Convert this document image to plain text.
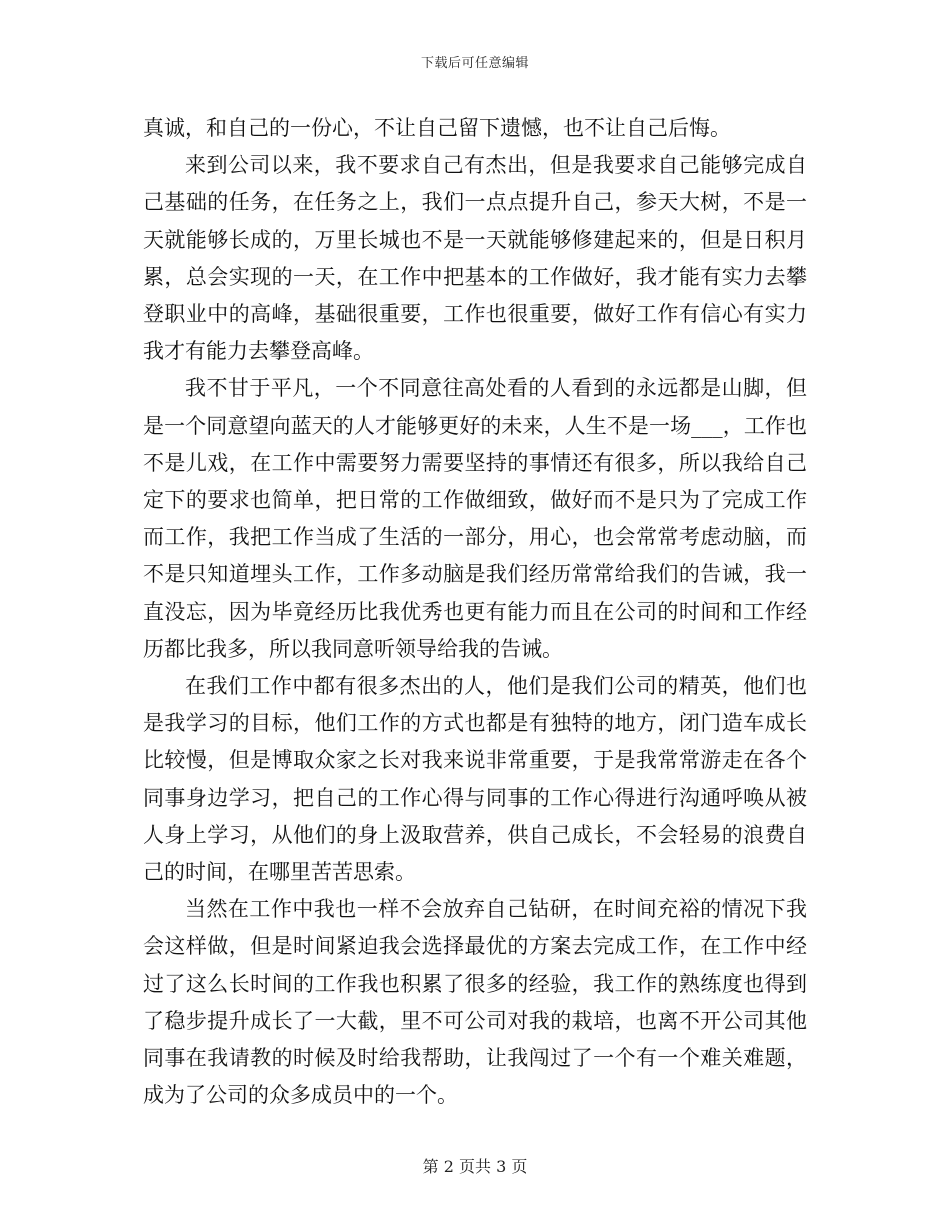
下载后可任意编辑

真诚，和自己的一份心，不让自己留下遗憾，也不让自己后悔。

来到公司以来，我不要求自己有杰出，但是我要求自己能够完成自己基础的任务，在任务之上，我们一点点提升自己，参天大树，不是一天就能够长成的，万里长城也不是一天就能够修建起来的，但是日积月累，总会实现的一天，在工作中把基本的工作做好，我才能有实力去攀登职业中的高峰，基础很重要，工作也很重要，做好工作有信心有实力我才有能力去攀登高峰。

我不甘于平凡，一个不同意往高处看的人看到的永远都是山脚，但是一个同意望向蓝天的人才能够更好的未来，人生不是一场___，工作也不是儿戏，在工作中需要努力需要坚持的事情还有很多，所以我给自己定下的要求也简单，把日常的工作做细致，做好而不是只为了完成工作而工作，我把工作当成了生活的一部分，用心，也会常常考虑动脑，而不是只知道埋头工作，工作多动脑是我们经历常常给我们的告诫，我一直没忘，因为毕竟经历比我优秀也更有能力而且在公司的时间和工作经历都比我多，所以我同意听领导给我的告诫。

在我们工作中都有很多杰出的人，他们是我们公司的精英，他们也是我学习的目标，他们工作的方式也都是有独特的地方，闭门造车成长比较慢，但是博取众家之长对我来说非常重要，于是我常常游走在各个同事身边学习，把自己的工作心得与同事的工作心得进行沟通呼唤从被人身上学习，从他们的身上汲取营养，供自己成长，不会轻易的浪费自己的时间，在哪里苦苦思索。

当然在工作中我也一样不会放弃自己钻研，在时间充裕的情况下我会这样做，但是时间紧迫我会选择最优的方案去完成工作，在工作中经过了这么长时间的工作我也积累了很多的经验，我工作的熟练度也得到了稳步提升成长了一大截，里不可公司对我的栽培，也离不开公司其他同事在我请教的时候及时给我帮助，让我闯过了一个有一个难关难题，成为了公司的众多成员中的一个。

第 2 页共 3 页
